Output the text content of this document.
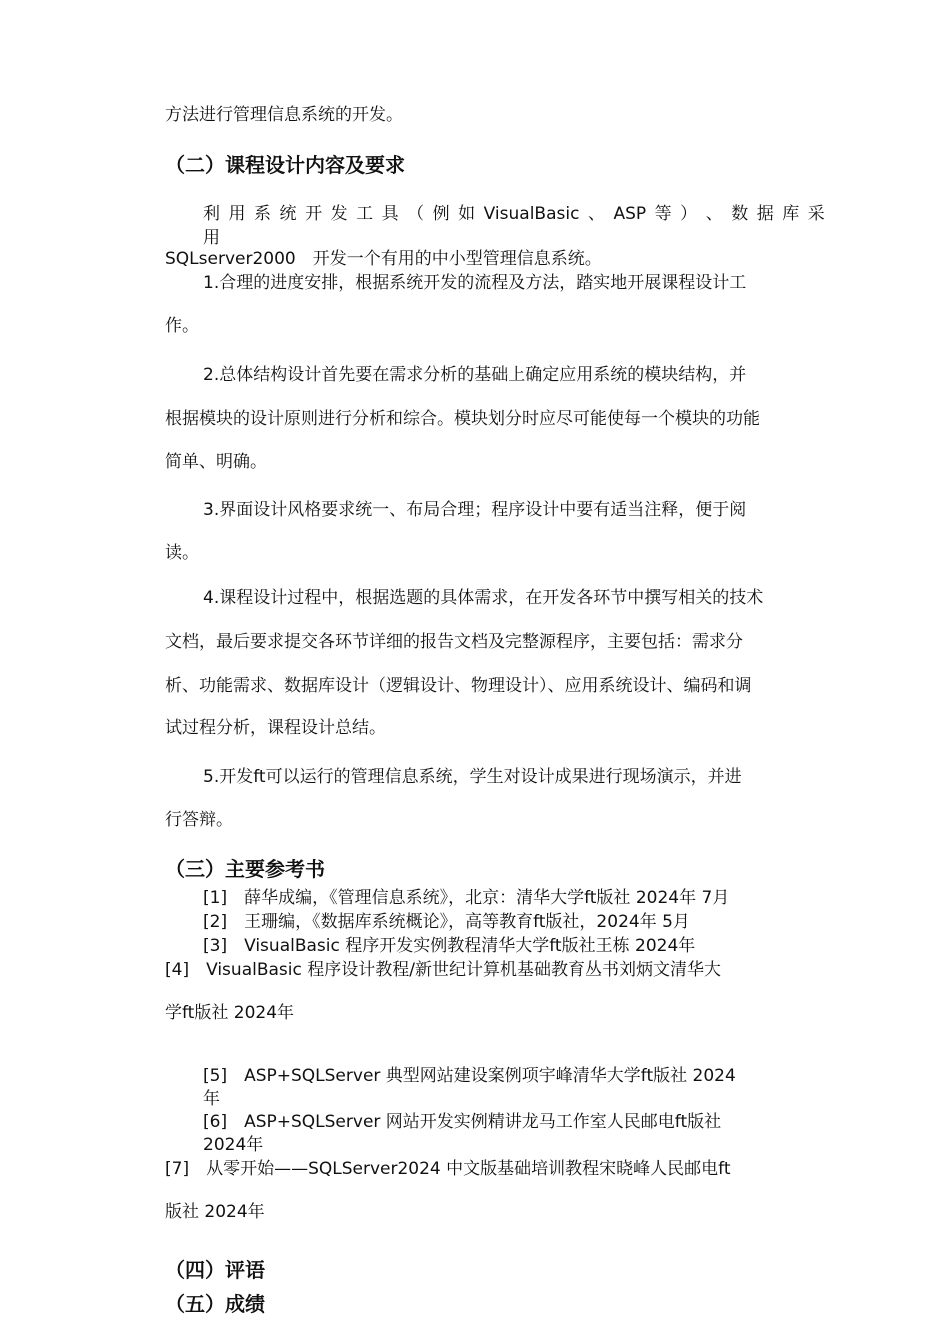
方法进行管理信息系统的开发。
（二）课程设计内容及要求
利 用 系 统 开 发 工 具 （ 例 如 VisualBasic 、 ASP 等 ） 、 数 据 库 采
用
SQLserver2000　开发一个有用的中小型管理信息系统。
1.合理的进度安排，根据系统开发的流程及方法，踏实地开展课程设计工
作。
2.总体结构设计首先要在需求分析的基础上确定应用系统的模块结构，并
根据模块的设计原则进行分析和综合。模块划分时应尽可能使每一个模块的功能
简单、明确。
3.界面设计风格要求统一、布局合理；程序设计中要有适当注释，便于阅
读。
4.课程设计过程中，根据选题的具体需求，在开发各环节中撰写相关的技术
文档，最后要求提交各环节详细的报告文档及完整源程序，主要包括：需求分
析、功能需求、数据库设计（逻辑设计、物理设计）、应用系统设计、编码和调
试过程分析，课程设计总结。
5.开发ft可以运行的管理信息系统，学生对设计成果进行现场演示，并进
行答辩。
（三）主要参考书
[1]　薛华成编，《管理信息系统》，北京：清华大学ft版社 2024年 7月
[2]　王珊编，《数据库系统概论》，高等教育ft版社，2024年 5月
[3]　VisualBasic 程序开发实例教程清华大学ft版社王栋 2024年
[4]　VisualBasic 程序设计教程/新世纪计算机基础教育丛书刘炳文清华大
学ft版社 2024年
[5]　ASP+SQLServer 典型网站建设案例项宇峰清华大学ft版社 2024
年
[6]　ASP+SQLServer 网站开发实例精讲龙马工作室人民邮电ft版社
2024年
[7]　从零开始——SQLServer2024 中文版基础培训教程宋晓峰人民邮电ft
版社 2024年
（四）评语
（五）成绩
